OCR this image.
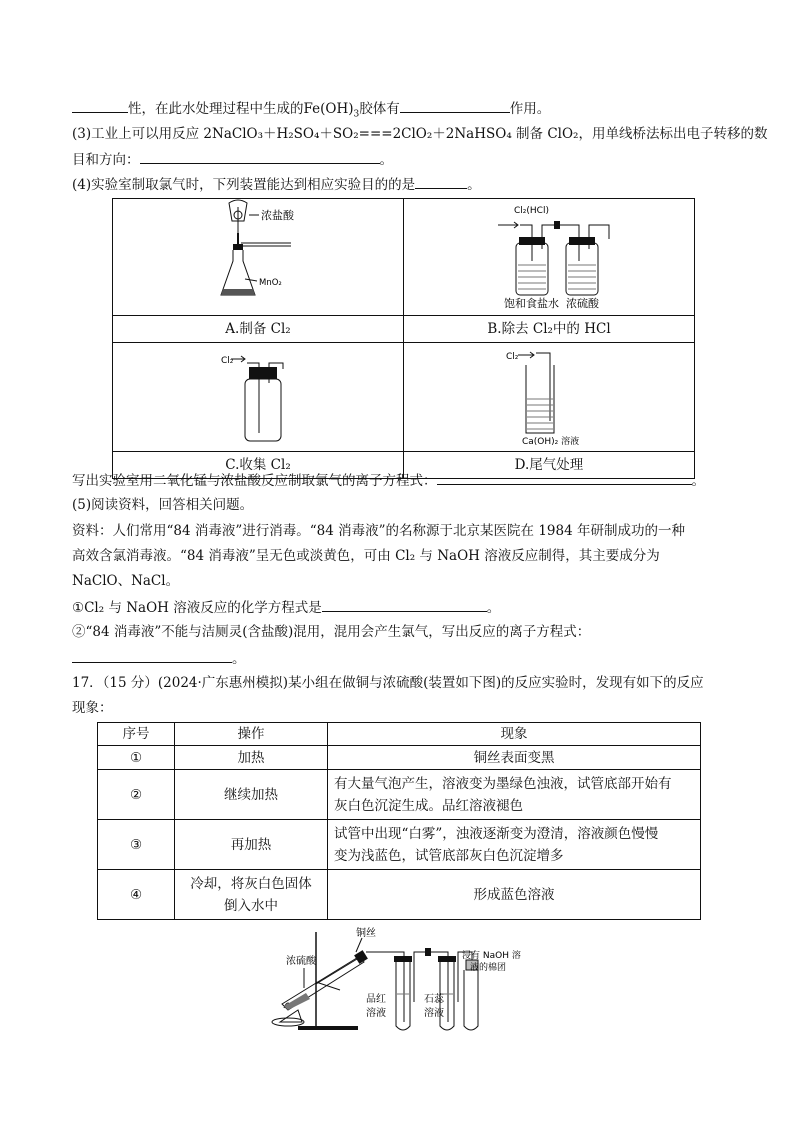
性，在此水处理过程中生成的$Fe(OH)_3$胶体有	作用。
(3)工业上可以用反应 2NaClO₃＋H₂SO₄＋SO₂===2ClO₂＋2NaHSO₄ 制备 ClO₂，用单线桥法标出电子转移的数
目和方向：	。
(4)实验室制取氯气时，下列装置能达到相应实验目的的是	。
浓盐酸
MnO₂	Cl₂(HCl)
饱和食盐水 浓硫酸

A.制备 Cl₂	B.除去 Cl₂中的 HCl

Cl₂	Cl₂
Ca(OH)₂ 溶液

C.收集 Cl₂	D.尾气处理
写出实验室用二氧化锰与浓盐酸反应制取氯气的离子方程式：	。
(5)阅读资料，回答相关问题。
资料：人们常用“84 消毒液”进行消毒。“84 消毒液”的名称源于北京某医院在 1984 年研制成功的一种
高效含氯消毒液。“84 消毒液”呈无色或淡黄色，可由 Cl₂ 与 NaOH 溶液反应制得，其主要成分为
NaClO、NaCl。
①Cl₂ 与 NaOH 溶液反应的化学方程式是	。
②“84 消毒液”不能与洁厕灵(含盐酸)混用，混用会产生氯气，写出反应的离子方程式：
。
17．（15 分）(2024·广东惠州模拟)某小组在做铜与浓硫酸(装置如下图)的反应实验时，发现有如下的反应
现象：
序号	操作	现象
①	加热	铜丝表面变黑
②	继续加热	有大量气泡产生，溶液变为墨绿色浊液，试管底部开始有
灰白色沉淀生成。品红溶液褪色

③	再加热	试管中出现“白雾”，浊液逐渐变为澄清，溶液颜色慢慢
变为浅蓝色，试管底部灰白色沉淀增多

④	冷却，将灰白色固体
倒入水中	形成蓝色溶液
浓硫酸
铜丝
浸有 NaOH 溶
液的棉团
品红
溶液
石蕊
溶液
